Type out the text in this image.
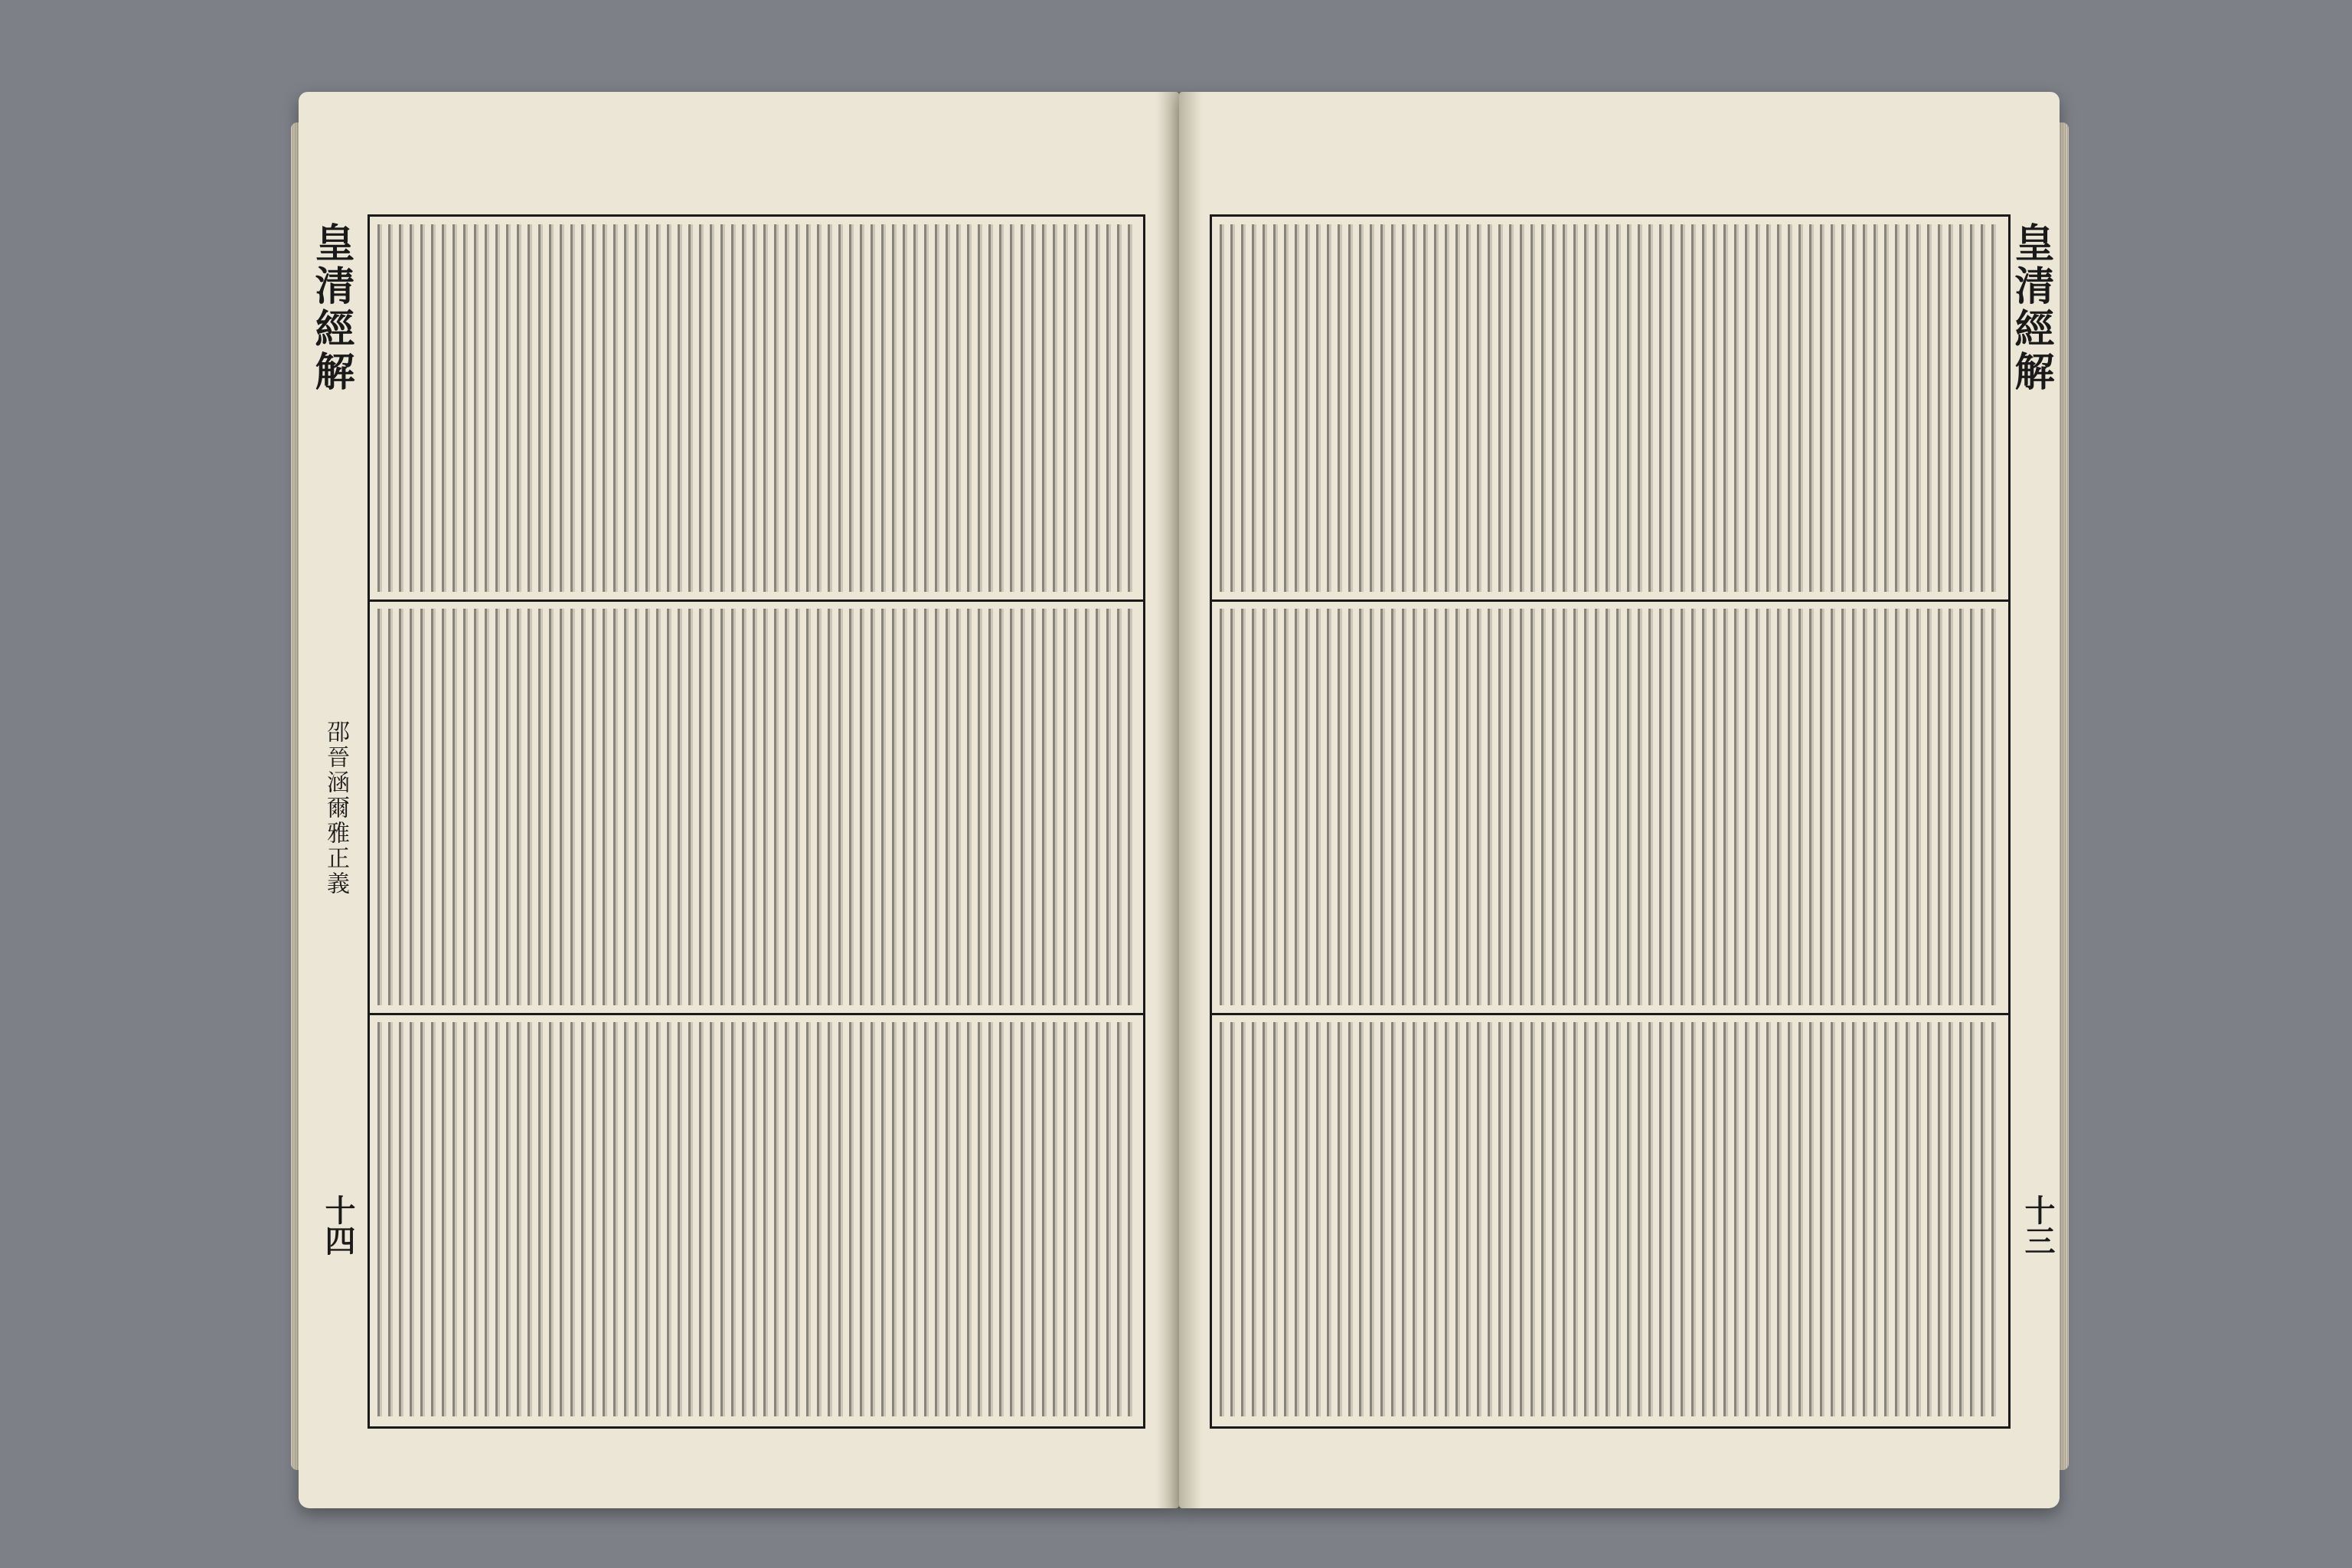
皇清經解
邵晉涵爾雅正義
十四
皇清經解
十三
